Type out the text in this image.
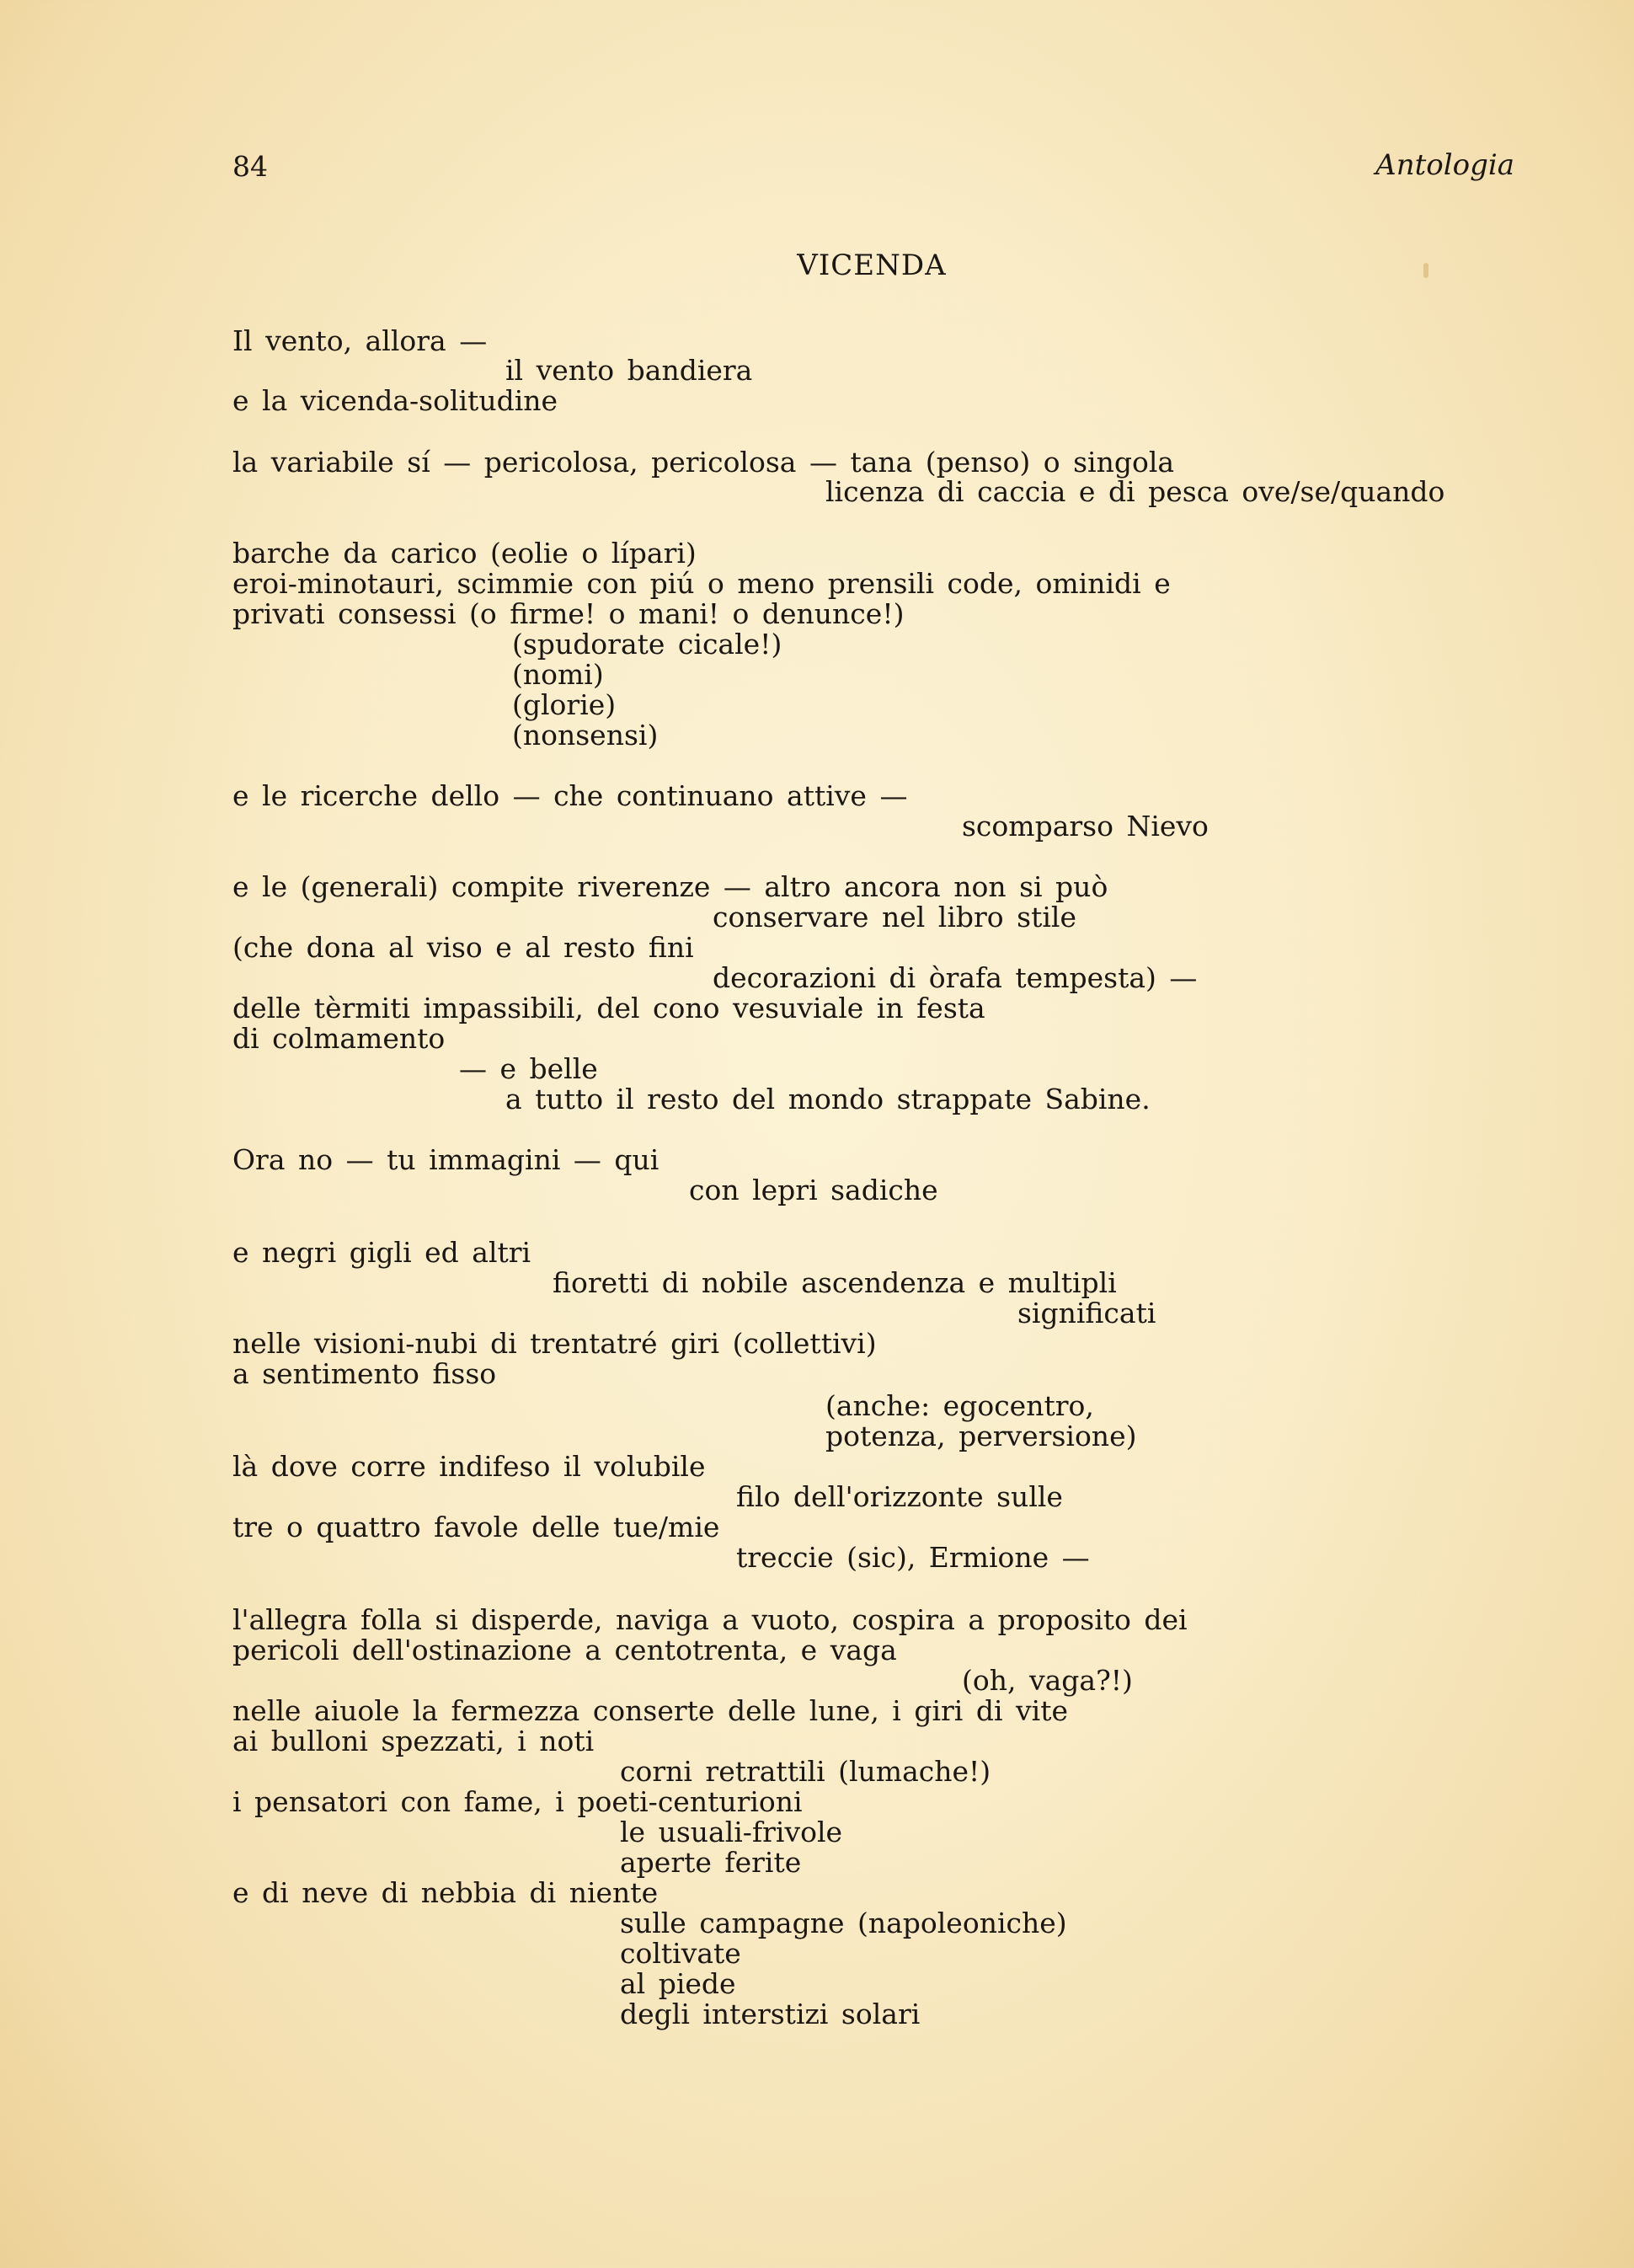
84	Antologia
VICENDA
Il vento, allora —
il vento bandiera
e la vicenda-solitudine
la variabile sí — pericolosa, pericolosa — tana (penso) o singola
licenza di caccia e di pesca ove/se/quando
barche da carico (eolie o lípari)
eroi-minotauri, scimmie con piú o meno prensili code, ominidi e
privati consessi (o firme! o mani! o denunce!)
(spudorate cicale!)
(nomi)
(glorie)
(nonsensi)
e le ricerche dello — che continuano attive —
scomparso Nievo
e le (generali) compite riverenze — altro ancora non si può
conservare nel libro stile
(che dona al viso e al resto fini
decorazioni di òrafa tempesta) —
delle tèrmiti impassibili, del cono vesuviale in festa
di colmamento
— e belle
a tutto il resto del mondo strappate Sabine.
Ora no — tu immagini — qui
con lepri sadiche
e negri gigli ed altri
fioretti di nobile ascendenza e multipli
significati
nelle visioni-nubi di trentatré giri (collettivi)
a sentimento fisso
(anche: egocentro,
potenza, perversione)
là dove corre indifeso il volubile
filo dell'orizzonte sulle
tre o quattro favole delle tue/mie
treccie (sic), Ermione —
l'allegra folla si disperde, naviga a vuoto, cospira a proposito dei
pericoli dell'ostinazione a centotrenta, e vaga
(oh, vaga?!)
nelle aiuole la fermezza conserte delle lune, i giri di vite
ai bulloni spezzati, i noti
corni retrattili (lumache!)
i pensatori con fame, i poeti-centurioni
le usuali-frivole
aperte ferite
e di neve di nebbia di niente
sulle campagne (napoleoniche)
coltivate
al piede
degli interstizi solari
